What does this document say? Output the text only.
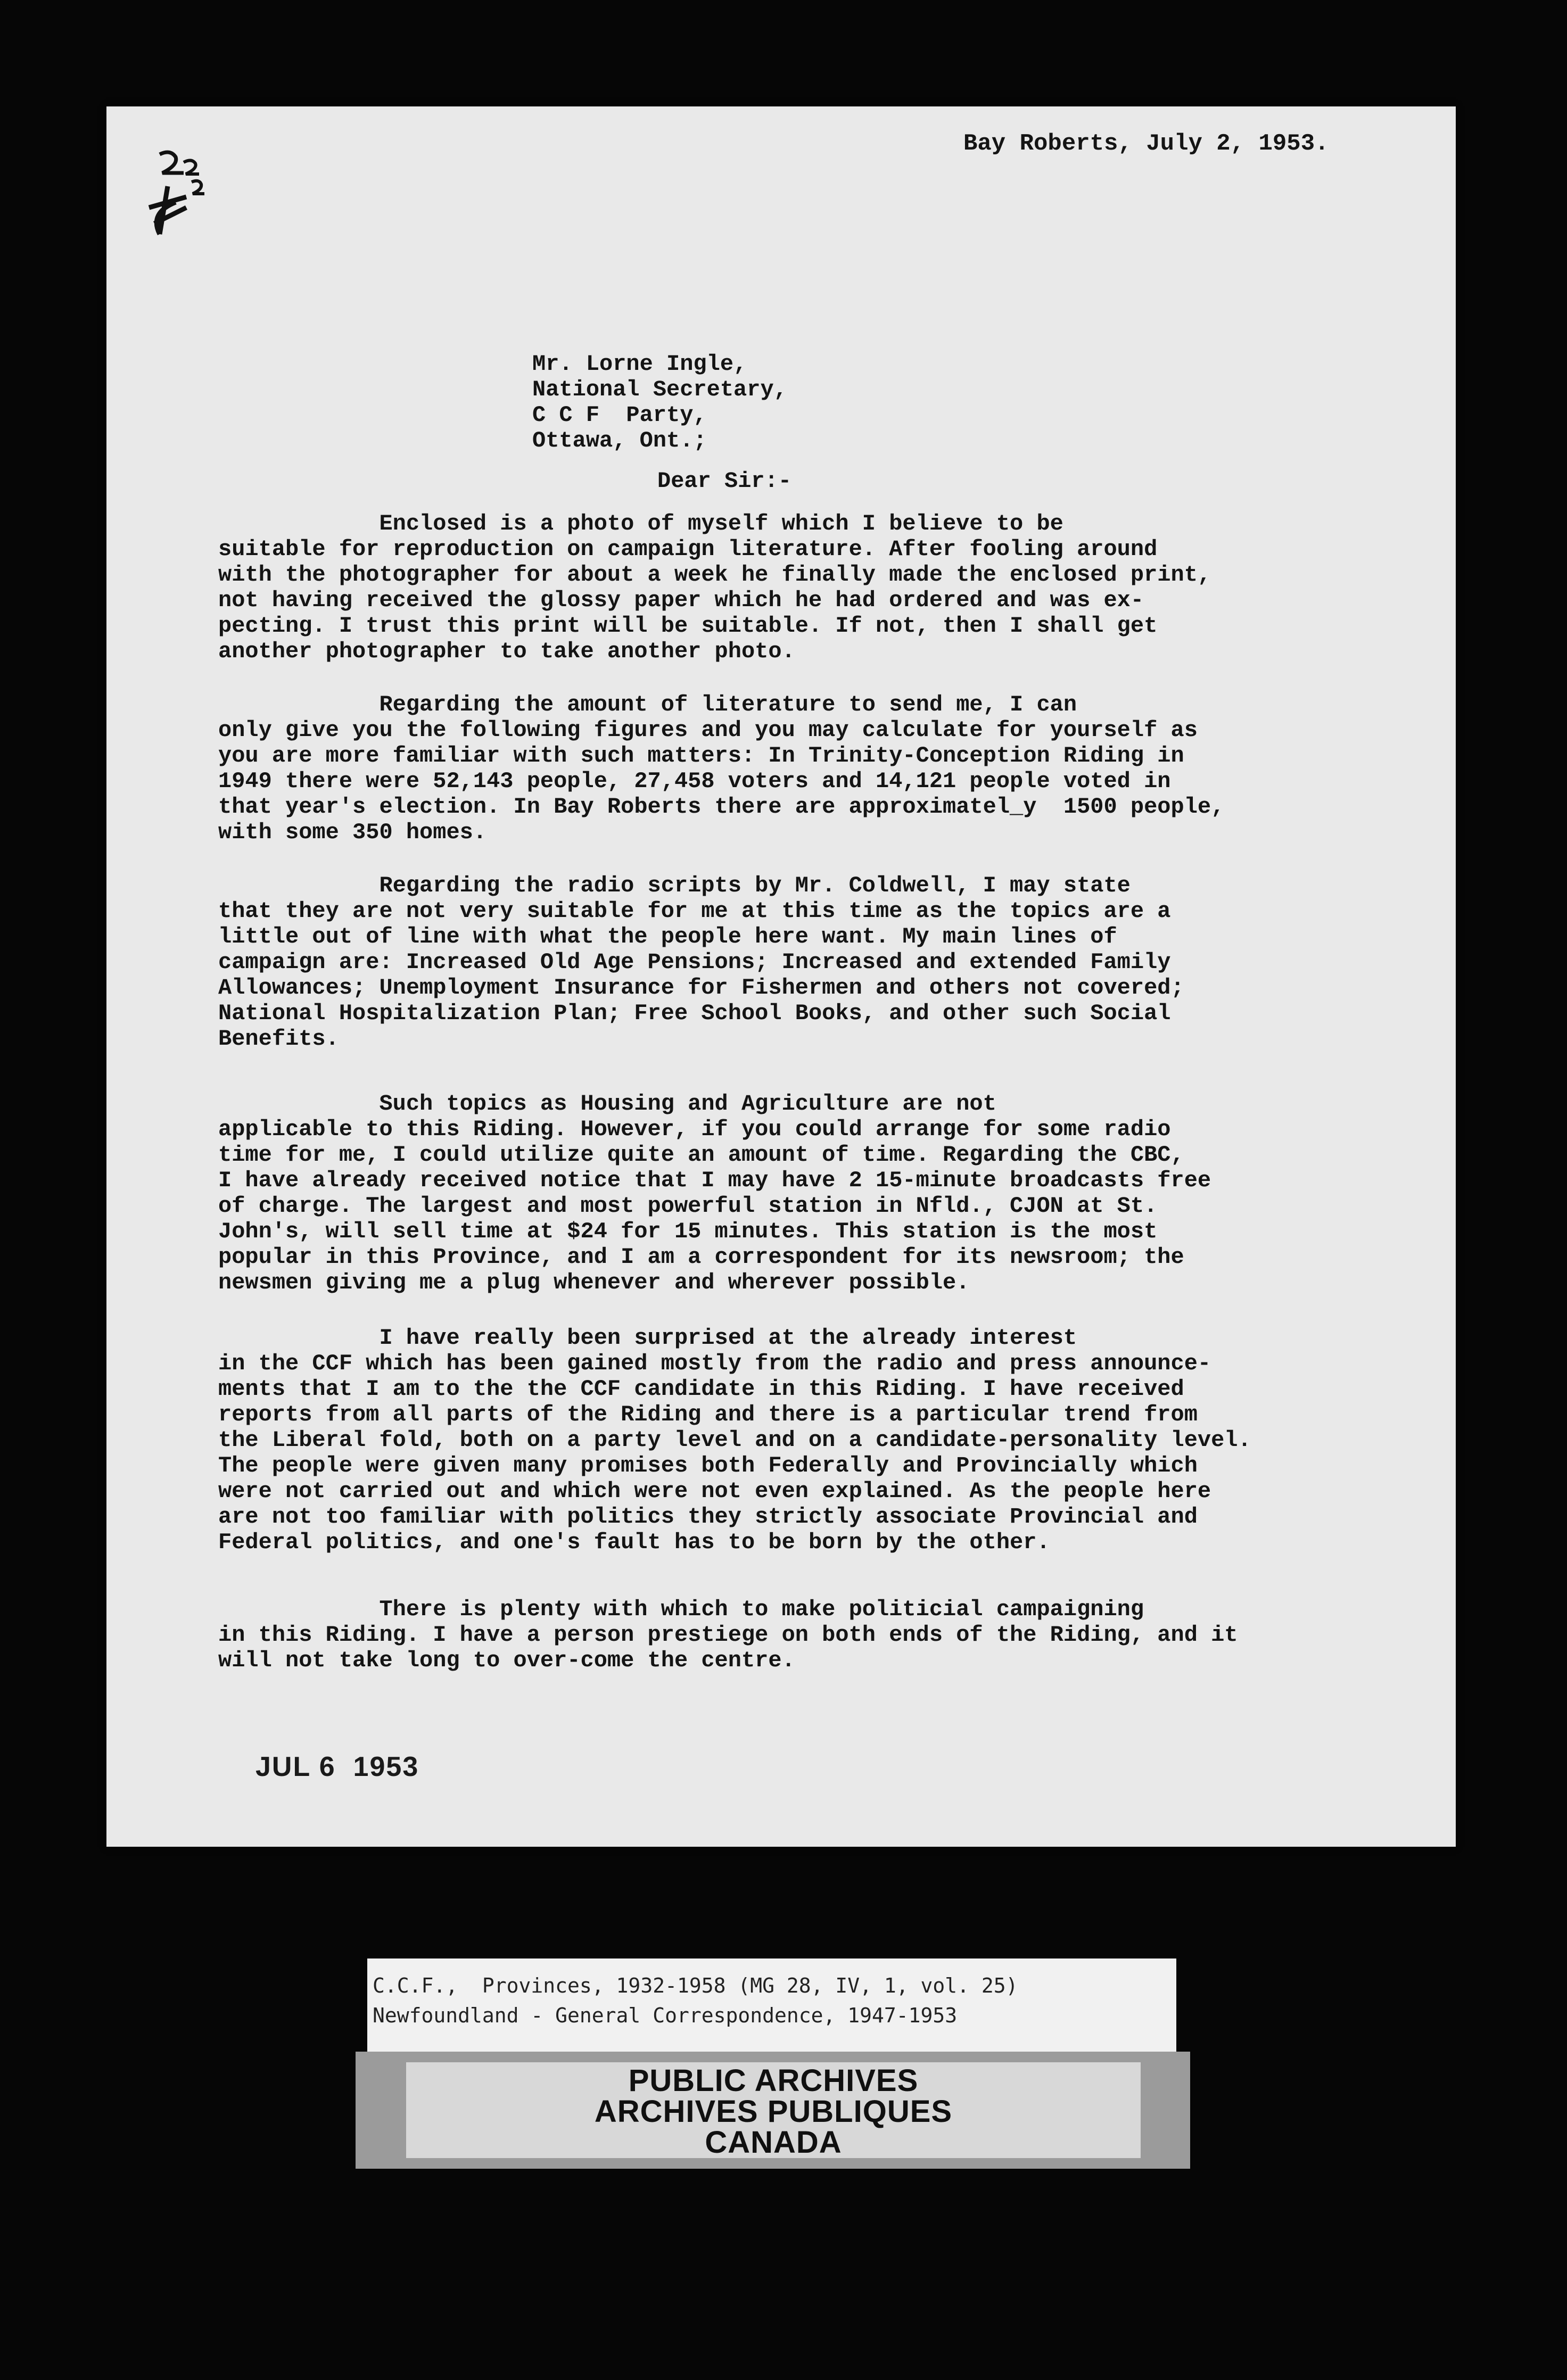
Bay Roberts, July 2, 1953.
Mr. Lorne Ingle,
National Secretary,
C C F  Party,
Ottawa, Ont.;
Dear Sir:-
Enclosed is a photo of myself which I believe to be
suitable for reproduction on campaign literature. After fooling around
with the photographer for about a week he finally made the enclosed print,
not having received the glossy paper which he had ordered and was ex-
pecting. I trust this print will be suitable. If not, then I shall get
another photographer to take another photo.
Regarding the amount of literature to send me, I can
only give you the following figures and you may calculate for yourself as
you are more familiar with such matters: In Trinity-Conception Riding in
1949 there were 52,143 people, 27,458 voters and 14,121 people voted in
that year's election. In Bay Roberts there are approximatel_y  1500 people,
with some 350 homes.
Regarding the radio scripts by Mr. Coldwell, I may state
that they are not very suitable for me at this time as the topics are a
little out of line with what the people here want. My main lines of
campaign are: Increased Old Age Pensions; Increased and extended Family
Allowances; Unemployment Insurance for Fishermen and others not covered;
National Hospitalization Plan; Free School Books, and other such Social
Benefits.
Such topics as Housing and Agriculture are not
applicable to this Riding. However, if you could arrange for some radio
time for me, I could utilize quite an amount of time. Regarding the CBC,
I have already received notice that I may have 2 15-minute broadcasts free
of charge. The largest and most powerful station in Nfld., CJON at St.
John's, will sell time at $24 for 15 minutes. This station is the most
popular in this Province, and I am a correspondent for its newsroom; the
newsmen giving me a plug whenever and wherever possible.
I have really been surprised at the already interest
in the CCF which has been gained mostly from the radio and press announce-
ments that I am to the the CCF candidate in this Riding. I have received
reports from all parts of the Riding and there is a particular trend from
the Liberal fold, both on a party level and on a candidate-personality level.
The people were given many promises both Federally and Provincially which
were not carried out and which were not even explained. As the people here
are not too familiar with politics they strictly associate Provincial and
Federal politics, and one's fault has to be born by the other.
There is plenty with which to make politicial campaigning
in this Riding. I have a person prestiege on both ends of the Riding, and it
will not take long to over-come the centre.
JUL 6  1953
C.C.F.,  Provinces, 1932-1958 (MG 28, IV, 1, vol. 25)
Newfoundland - General Correspondence, 1947-1953
PUBLIC ARCHIVES
ARCHIVES PUBLIQUES
CANADA
